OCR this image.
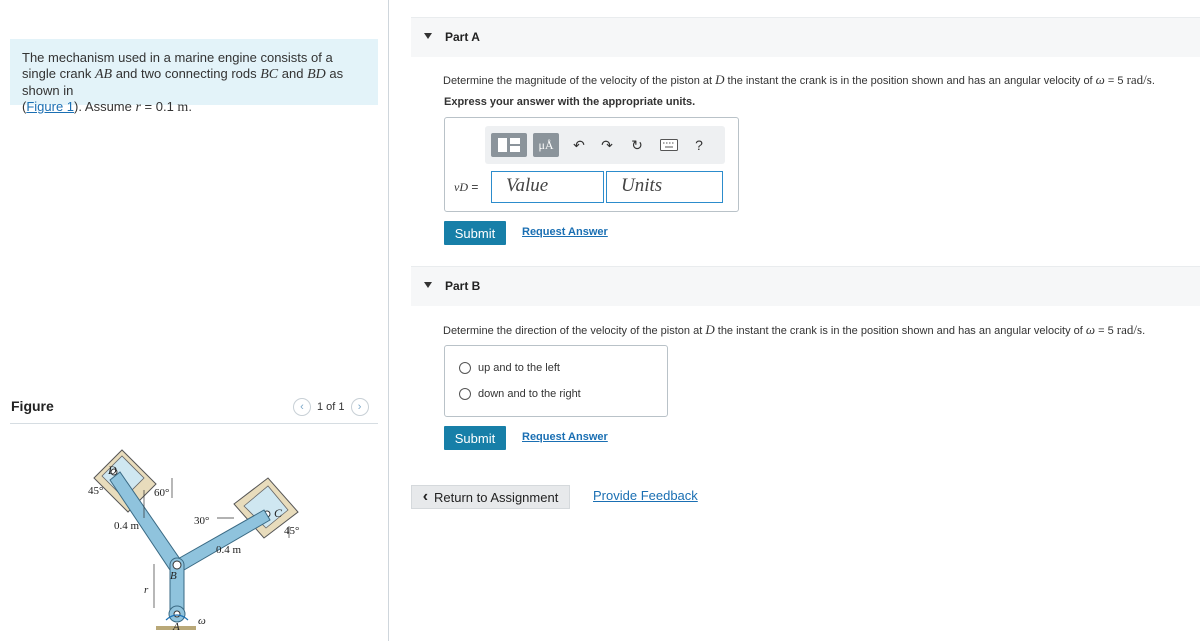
The mechanism used in a marine engine consists of a single crank AB and two connecting rods BC and BD as shown in
(Figure 1). Assume r = 0.1 m.
Figure	‹	1 of 1	›
D
C
B
A
45°	60°
30°
45°
0.4 m
0.4 m
r
ω
Part A
Determine the magnitude of the velocity of the piston at D the instant the crank is in the position shown and has an angular velocity of ω = 5 rad/s.
Express your answer with the appropriate units.
μÅ	↶ ↷ ↻	?
vD =	Value	Units
Submit	Request Answer
Part B
Determine the direction of the velocity of the piston at D the instant the crank is in the position shown and has an angular velocity of ω = 5 rad/s.
up and to the left
down and to the right
Submit	Request Answer
‹ Return to Assignment	Provide Feedback
